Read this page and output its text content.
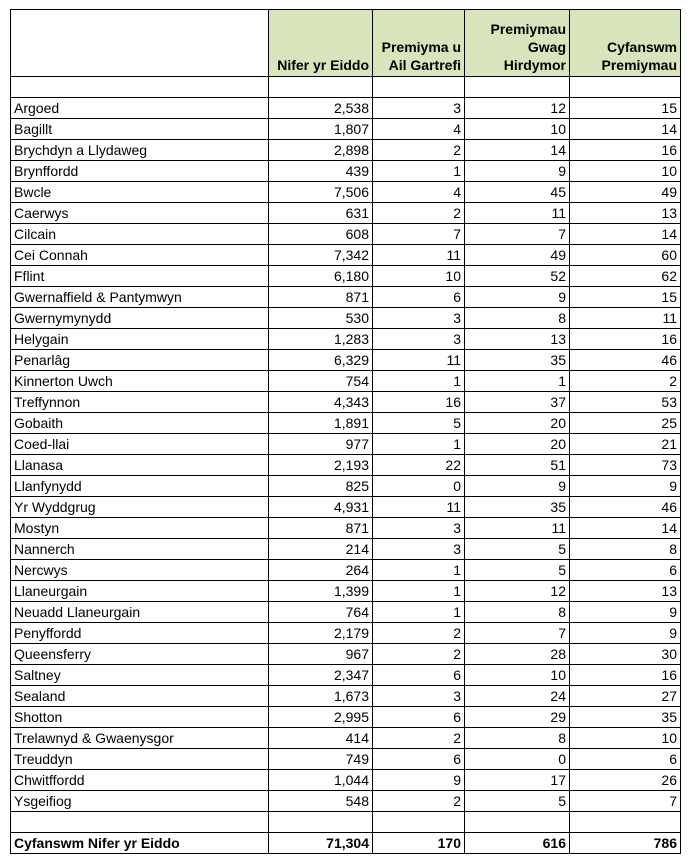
	Nifer yr Eiddo	Premiyma u Ail Gartrefi	Premiymau Gwag Hirdymor	Cyfanswm Premiymau

Argoed	2,538	3	12	15
Bagillt	1,807	4	10	14
Brychdyn a Llydaweg	2,898	2	14	16
Brynffordd	439	1	9	10
Bwcle	7,506	4	45	49
Caerwys	631	2	11	13
Cilcain	608	7	7	14
Cei Connah	7,342	11	49	60
Fflint	6,180	10	52	62
Gwernaffield & Pantymwyn	871	6	9	15
Gwernymynydd	530	3	8	11
Helygain	1,283	3	13	16
Penarlâg	6,329	11	35	46
Kinnerton Uwch	754	1	1	2
Treffynnon	4,343	16	37	53
Gobaith	1,891	5	20	25
Coed-llai	977	1	20	21
Llanasa	2,193	22	51	73
Llanfynydd	825	0	9	9
Yr Wyddgrug	4,931	11	35	46
Mostyn	871	3	11	14
Nannerch	214	3	5	8
Nercwys	264	1	5	6
Llaneurgain	1,399	1	12	13
Neuadd Llaneurgain	764	1	8	9
Penyffordd	2,179	2	7	9
Queensferry	967	2	28	30
Saltney	2,347	6	10	16
Sealand	1,673	3	24	27
Shotton	2,995	6	29	35
Trelawnyd & Gwaenysgor	414	2	8	10
Treuddyn	749	6	0	6
Chwitffordd	1,044	9	17	26
Ysgeifiog	548	2	5	7

Cyfanswm Nifer yr Eiddo	71,304	170	616	786
